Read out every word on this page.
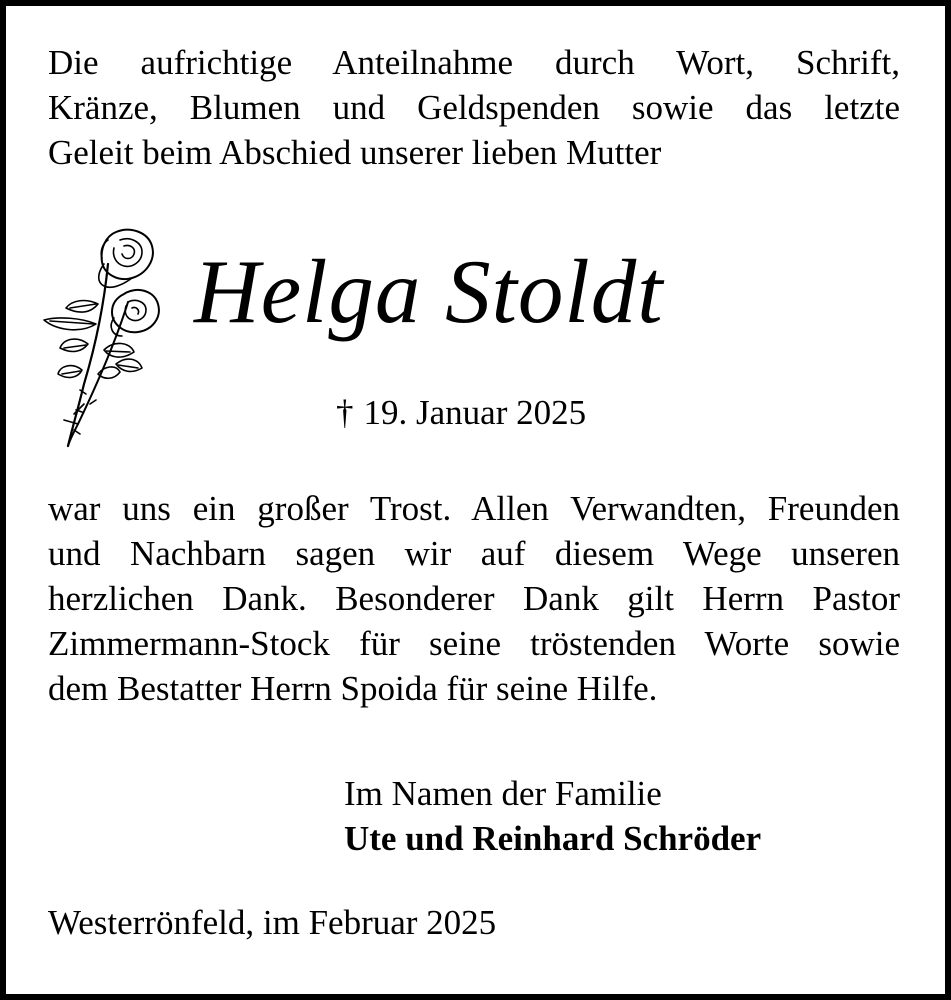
Die aufrichtige Anteilnahme durch Wort, Schrift,
Kränze, Blumen und Geldspenden sowie das letzte
Geleit beim Abschied unserer lieben Mutter
Helga Stoldt
† 19. Januar 2025
war uns ein großer Trost. Allen Verwandten, Freunden
und Nachbarn sagen wir auf diesem Wege unseren
herzlichen Dank. Besonderer Dank gilt Herrn Pastor
Zimmermann-Stock für seine tröstenden Worte sowie
dem Bestatter Herrn Spoida für seine Hilfe.
Im Namen der Familie
Ute und Reinhard Schröder
Westerrönfeld, im Februar 2025
